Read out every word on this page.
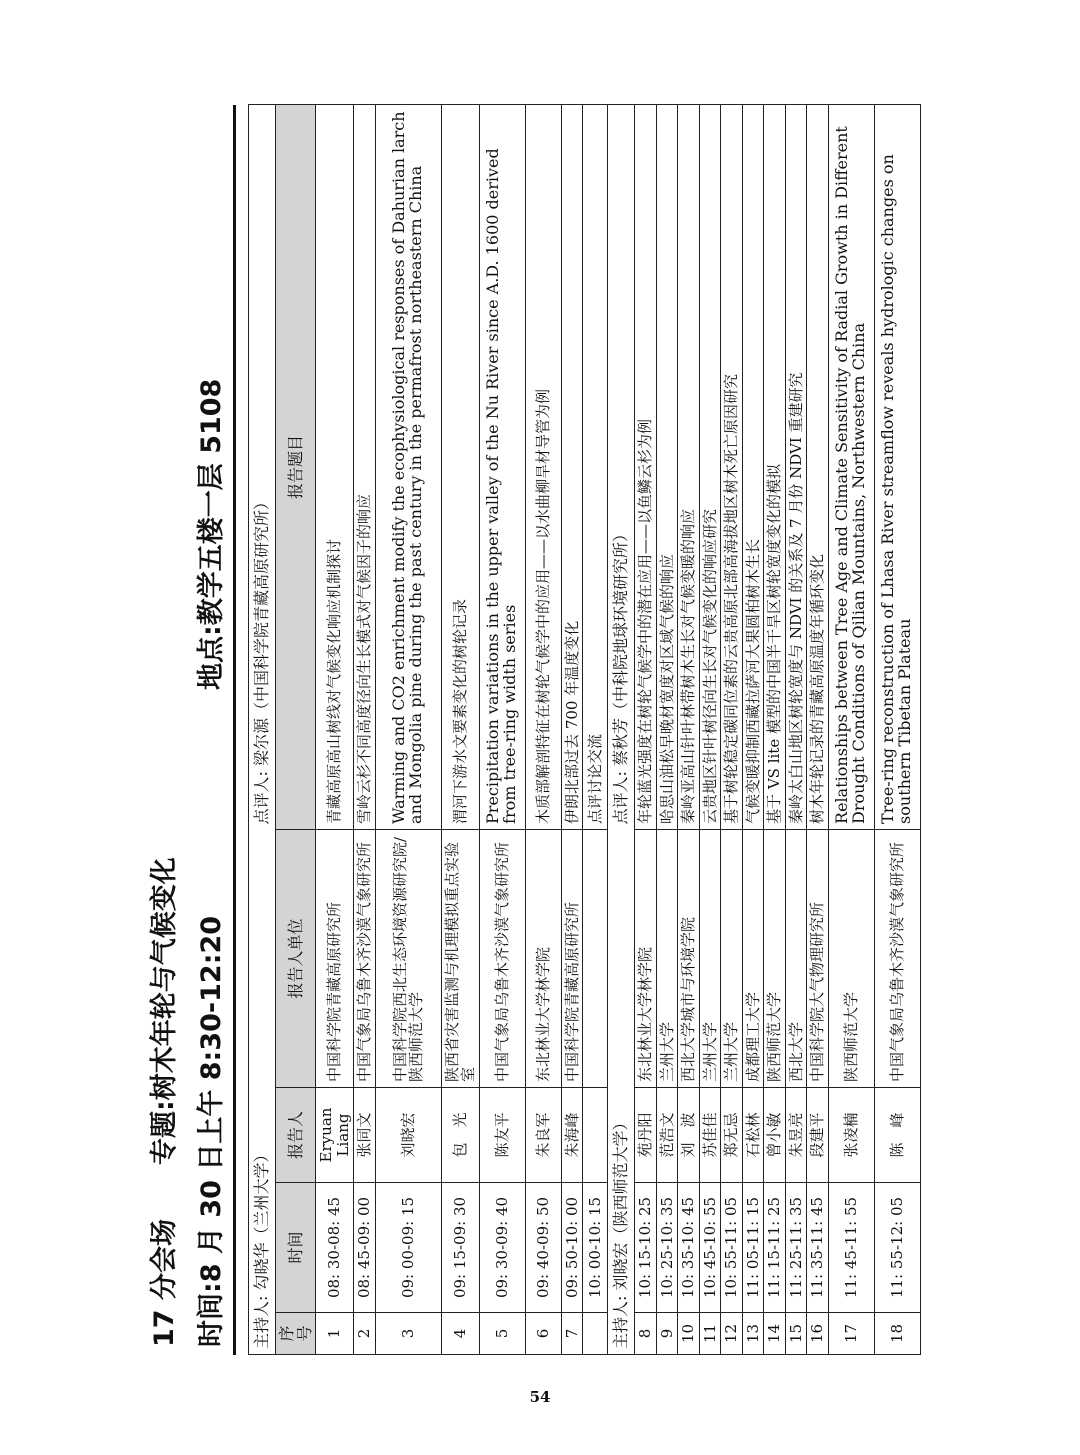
17 分会场
专题:树木年轮与气候变化 时间:8 月 30 日上午 8:30-12:20
地点:教学五楼一层 5108
主持人: 勾晓华（兰州大学）				点评人: 梁尔源（中国科学院青藏高原研究所）
序号	时间	报告人	报告人单位	报告题目
1	08: 30-08: 45	Eryuan Liang	中国科学院青藏高原研究所	青藏高原高山树线对气候变化响应机制探讨
2	08: 45-09: 00	张同文	中国气象局乌鲁木齐沙漠气象研究所	雪岭云杉不同高度径向生长模式对气候因子的响应
3	09: 00-09: 15	刘晓宏	中国科学院西北生态环境资源研究院/陕西师范大学	Warming and CO2 enrichment modify the ecophysiological responses of Dahurian larch and Mongolia pine during the past century in the permafrost northeastern China
4	09: 15-09: 30	包　光	陕西省灾害监测与机理模拟重点实验室	渭河下游水文要素变化的树轮记录
5	09: 30-09: 40	陈友平	中国气象局乌鲁木齐沙漠气象研究所	Precipitation variations in the upper valley of the Nu River since A.D. 1600 derived from tree-ring width series
6	09: 40-09: 50	朱良军	东北林业大学林学院	木质部解剖特征在树轮气候学中的应用——以水曲柳旱材导管为例
7	09: 50-10: 00	朱海峰	中国科学院青藏高原研究所	伊朗北部过去 700 年温度变化
	10: 00-10: 15			点评讨论交流
主持人: 刘晓宏（陕西师范大学）				点评人: 蔡秋芳（中科院地球环境研究所）
8	10: 15-10: 25	苑丹阳	东北林业大学林学院	年轮蓝光强度在树轮气候学中的潜在应用——以鱼鳞云杉为例
9	10: 25-10: 35	范浩文	兰州大学	哈思山油松早晚材宽度对区域气候的响应
10	10: 35-10: 45	刘　波	西北大学城市与环境学院	秦岭亚高山针叶林带树木生长对气候变暖的响应
11	10: 45-10: 55	苏佳佳	兰州大学	云贵地区针叶树径向生长对气候变化的响应研究
12	10: 55-11: 05	郑无忌	兰州大学	基于树轮稳定碳同位素的云贵高原北部高海拔地区树木死亡原因研究
13	11: 05-11: 15	石松林	成都理工大学	气候变暖抑制西藏拉萨河大果圆柏树木生长
14	11: 15-11: 25	曾小敏	陕西师范大学	基于 VS lite 模型的中国半干旱区树轮宽度变化的模拟
15	11: 25-11: 35	朱昱亮	西北大学	秦岭太白山地区树轮宽度与 NDVI 的关系及 7 月份 NDVI 重建研究
16	11: 35-11: 45	段建平	中国科学院大气物理研究所	树木年轮记录的青藏高原温度年循环变化
17	11: 45-11: 55	张凌楠	陕西师范大学	Relationships between Tree Age and Climate Sensitivity of Radial Growth in Different Drought Conditions of Qilian Mountains, Northwestern China
18	11: 55-12: 05	陈　峰	中国气象局乌鲁木齐沙漠气象研究所	Tree-ring reconstruction of Lhasa River streamflow reveals hydrologic changes on southern Tibetan Plateau
54
